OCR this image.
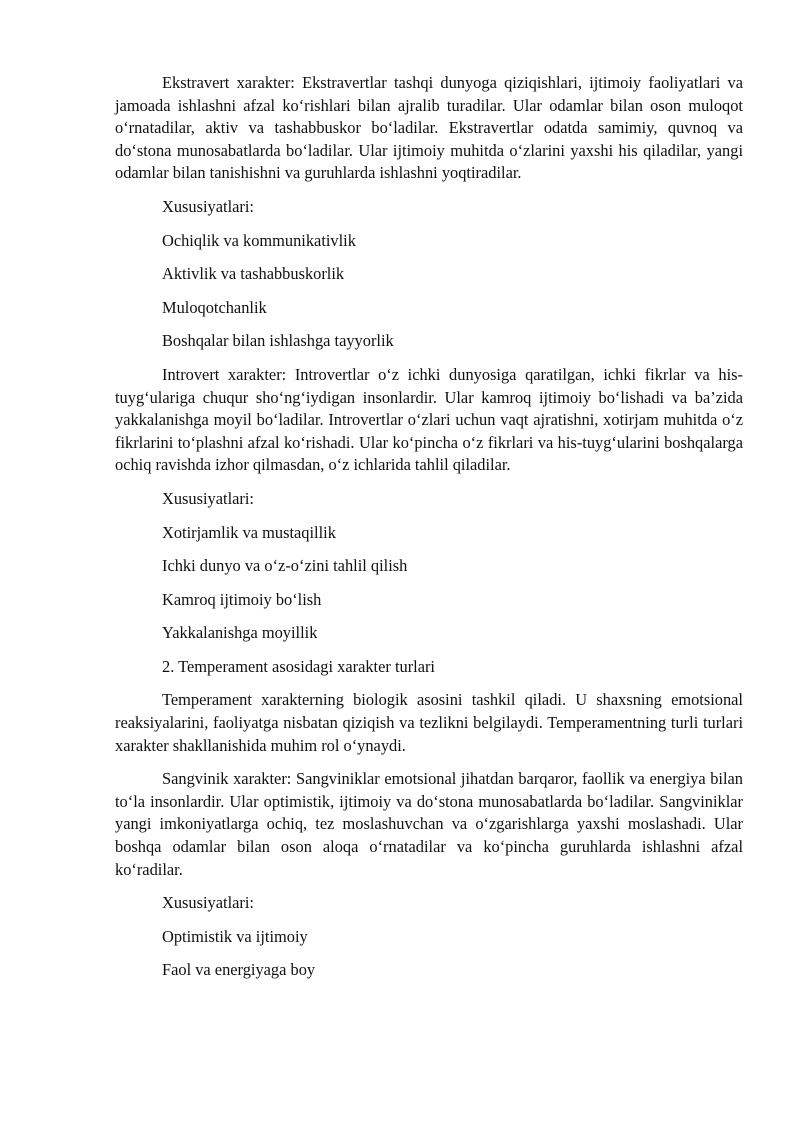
Ekstravert xarakter: Ekstravertlar tashqi dunyoga qiziqishlari, ijtimoiy faoliyatlari va jamoada ishlashni afzal ko‘rishlari bilan ajralib turadilar. Ular odamlar bilan oson muloqot o‘rnatadilar, aktiv va tashabbuskor bo‘ladilar. Ekstravertlar odatda samimiy, quvnoq va do‘stona munosabatlarda bo‘ladilar. Ular ijtimoiy muhitda o‘zlarini yaxshi his qiladilar, yangi odamlar bilan tanishishni va guruhlarda ishlashni yoqtiradilar.

Xususiyatlari:

Ochiqlik va kommunikativlik

Aktivlik va tashabbuskorlik

Muloqotchanlik

Boshqalar bilan ishlashga tayyorlik

Introvert xarakter: Introvertlar o‘z ichki dunyosiga qaratilgan, ichki fikrlar va his-tuyg‘ulariga chuqur sho‘ng‘iydigan insonlardir. Ular kamroq ijtimoiy bo‘lishadi va ba’zida yakkalanishga moyil bo‘ladilar. Introvertlar o‘zlari uchun vaqt ajratishni, xotirjam muhitda o‘z fikrlarini to‘plashni afzal ko‘rishadi. Ular ko‘pincha o‘z fikrlari va his-tuyg‘ularini boshqalarga ochiq ravishda izhor qilmasdan, o‘z ichlarida tahlil qiladilar.

Xususiyatlari:

Xotirjamlik va mustaqillik

Ichki dunyo va o‘z-o‘zini tahlil qilish

Kamroq ijtimoiy bo‘lish

Yakkalanishga moyillik

2. Temperament asosidagi xarakter turlari

Temperament xarakterning biologik asosini tashkil qiladi. U shaxsning emotsional reaksiyalarini, faoliyatga nisbatan qiziqish va tezlikni belgilaydi. Temperamentning turli turlari xarakter shakllanishida muhim rol o‘ynaydi.

Sangvinik xarakter: Sangviniklar emotsional jihatdan barqaror, faollik va energiya bilan to‘la insonlardir. Ular optimistik, ijtimoiy va do‘stona munosabatlarda bo‘ladilar. Sangviniklar yangi imkoniyatlarga ochiq, tez moslashuvchan va o‘zgarishlarga yaxshi moslashadi. Ular boshqa odamlar bilan oson aloqa o‘rnatadilar va ko‘pincha guruhlarda ishlashni afzal ko‘radilar.

Xususiyatlari:

Optimistik va ijtimoiy

Faol va energiyaga boy
